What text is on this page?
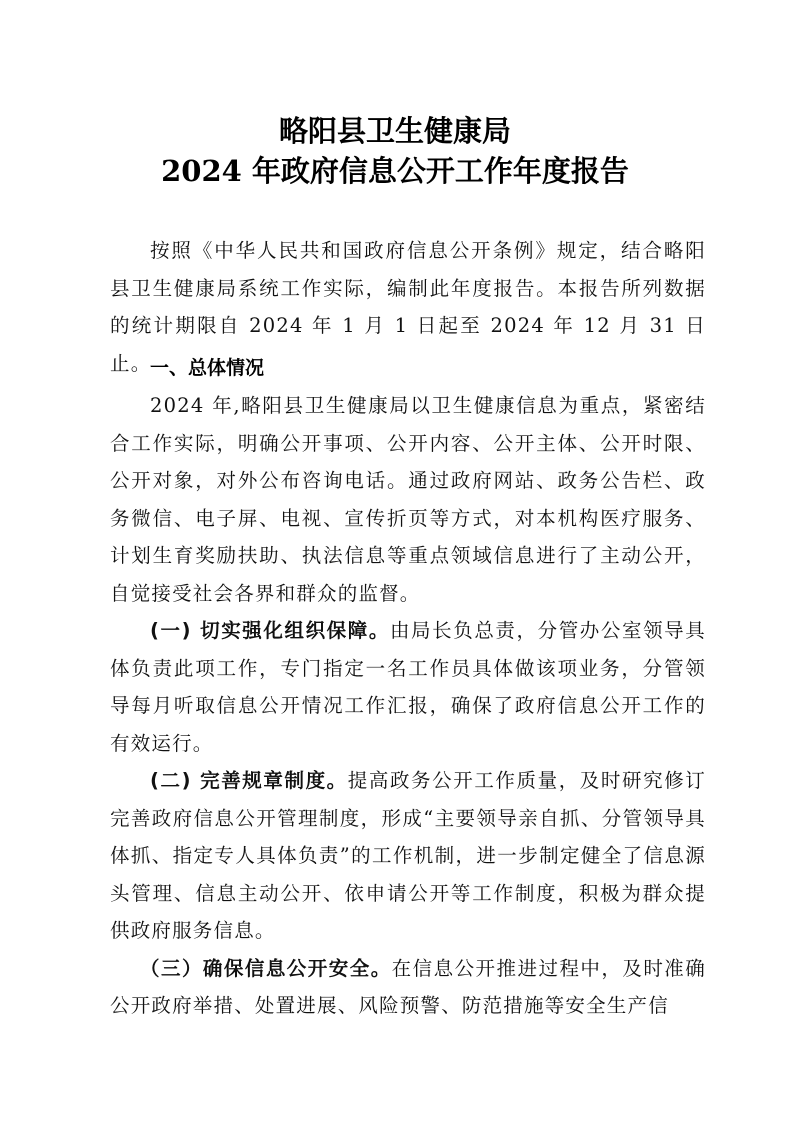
略阳县卫生健康局
2024 年政府信息公开工作年度报告

按照《中华人民共和国政府信息公开条例》规定，结合略阳县卫生健康局系统工作实际，编制此年度报告。本报告所列数据的统计期限自 2024 年 1 月 1 日起至 2024 年 12 月 31 日止。

一、总体情况

2024 年,略阳县卫生健康局以卫生健康信息为重点，紧密结合工作实际，明确公开事项、公开内容、公开主体、公开时限、公开对象，对外公布咨询电话。通过政府网站、政务公告栏、政务微信、电子屏、电视、宣传折页等方式，对本机构医疗服务、计划生育奖励扶助、执法信息等重点领域信息进行了主动公开，自觉接受社会各界和群众的监督。

(一) 切实强化组织保障。由局长负总责，分管办公室领导具体负责此项工作，专门指定一名工作员具体做该项业务，分管领导每月听取信息公开情况工作汇报，确保了政府信息公开工作的有效运行。

(二) 完善规章制度。提高政务公开工作质量，及时研究修订完善政府信息公开管理制度，形成“主要领导亲自抓、分管领导具体抓、指定专人具体负责”的工作机制，进一步制定健全了信息源头管理、信息主动公开、依申请公开等工作制度，积极为群众提供政府服务信息。

（三）确保信息公开安全。在信息公开推进过程中，及时准确公开政府举措、处置进展、风险预警、防范措施等安全生产信
